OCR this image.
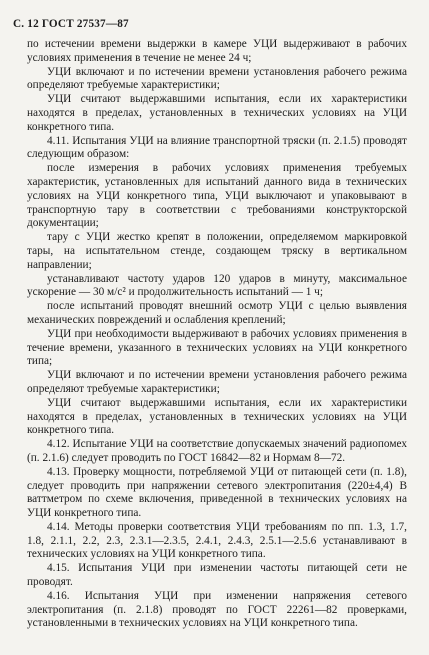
С. 12 ГОСТ 27537—87

по истечении времени выдержки в камере УЦИ выдерживают в рабочих условиях применения в течение не менее 24 ч;

УЦИ включают и по истечении времени установления рабочего режима определяют требуемые характеристики;

УЦИ считают выдержавшими испытания, если их характеристики находятся в пределах, установленных в технических условиях на УЦИ конкретного типа.

4.11. Испытания УЦИ на влияние транспортной тряски (п. 2.1.5) проводят следующим образом:

после измерения в рабочих условиях применения требуемых характеристик, установленных для испытаний данного вида в технических условиях на УЦИ конкретного типа, УЦИ выключают и упаковывают в транспортную тару в соответствии с требованиями конструкторской документации;

тару с УЦИ жестко крепят в положении, определяемом маркировкой тары, на испытательном стенде, создающем тряску в вертикальном направлении;

устанавливают частоту ударов 120 ударов в минуту, максимальное ускорение — 30 м/с² и продолжительность испытаний — 1 ч;

после испытаний проводят внешний осмотр УЦИ с целью выявления механических повреждений и ослабления креплений;

УЦИ при необходимости выдерживают в рабочих условиях применения в течение времени, указанного в технических условиях на УЦИ конкретного типа;

УЦИ включают и по истечении времени установления рабочего режима определяют требуемые характеристики;

УЦИ считают выдержавшими испытания, если их характеристики находятся в пределах, установленных в технических условиях на УЦИ конкретного типа.

4.12. Испытание УЦИ на соответствие допускаемых значений радиопомех (п. 2.1.6) следует проводить по ГОСТ 16842—82 и Нормам 8—72.

4.13. Проверку мощности, потребляемой УЦИ от питающей сети (п. 1.8), следует проводить при напряжении сетевого электропитания (220±4,4) В ваттметром по схеме включения, приведенной в технических условиях на УЦИ конкретного типа.

4.14. Методы проверки соответствия УЦИ требованиям по пп. 1.3, 1.7, 1.8, 2.1.1, 2.2, 2.3, 2.3.1—2.3.5, 2.4.1, 2.4.3, 2.5.1—2.5.6 устанавливают в технических условиях на УЦИ конкретного типа.

4.15. Испытания УЦИ при изменении частоты питающей сети не проводят.

4.16. Испытания УЦИ при изменении напряжения сетевого электропитания (п. 2.1.8) проводят по ГОСТ 22261—82 проверками, установленными в технических условиях на УЦИ конкретного типа.
